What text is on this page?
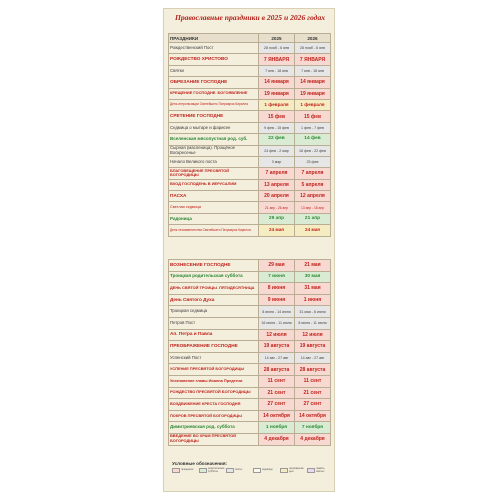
Православные праздники в 2025 и 2026 годах
ПРАЗДНИКИ	2025	2026
Рождественский Пост	28 нояб - 6 янв	28 нояб - 6 янв
РОЖДЕСТВО ХРИСТОВО	7 ЯНВАРЯ	7 ЯНВАРЯ
Святки	7 янв - 18 янв	7 янв - 18 янв
ОБРЕЗАНИЕ ГОСПОДНЕ	14 января	14 января
КРЕЩЕНИЕ ГОСПОДНЕ. БОГОЯВЛЕНИЕ	19 января	19 января
День интронизации Святейшего Патриарха Кирилла	1 февраля	1 февраля
СРЕТЕНИЕ ГОСПОДНЕ	15 фев	15 фев
Седмица о мытаре и фарисее	9 фев - 15 фев	1 фев - 7 фев
Вселенская мясопустная род. суб.	22 фев	14 фев
Сырная (масленица). Прощёное Воскресенье	24 фев - 2 мар	16 фев - 22 фев
Начало Великого поста	3 мар	23 фев
БЛАГОВЕЩЕНИЕ ПРЕСВЯТОЙ БОГОРОДИЦЫ	7 апреля	7 апреля
ВХОД ГОСПОДЕНЬ В ИЕРУСАЛИМ	13 апреля	5 апреля
ПАСХА	20 апреля	12 апреля
Светлая седмица	21 апр - 26 апр	13 апр - 18 апр
Радоница	29 апр	21 апр
День тезоименитства Святейшего Патриарха Кирилла	24 мая	24 мая
ВОЗНЕСЕНИЕ ГОСПОДНЕ	29 мая	21 мая
Троицкая родительская суббота	7 июня	30 мая
ДЕНЬ СВЯТОЙ ТРОИЦЫ. ПЯТИДЕСЯТНИЦА	8 июня	31 мая
День Святого Духа	9 июня	1 июня
Троицкая седмица	8 июня - 14 июня	31 мая - 6 июня
Петров Пост	16 июня - 11 июля	8 июня - 11 июля
Ап. Петра и Павла	12 июля	12 июля
ПРЕОБРАЖЕНИЕ ГОСПОДНЕ	19 августа	19 августа
Успенский Пост	14 авг - 27 авг	14 авг - 27 авг
УСПЕНИЕ ПРЕСВЯТОЙ БОГОРОДИЦЫ	28 августа	28 августа
Усекновение главы Иоанна Предтечи	11 сент	11 сент
РОЖДЕСТВО ПРЕСВЯТОЙ БОГОРОДИЦЫ	21 сент	21 сент
ВОЗДВИЖЕНИЕ КРЕСТА ГОСПОДНЯ	27 сент	27 сент
ПОКРОВ ПРЕСВЯТОЙ БОГОРОДИЦЫ	14 октября	14 октября
Димитриевская род. суббота	1 ноября	7 ноября
ВВЕДЕНИЕ ВО ХРАМ ПРЕСВЯТОЙ БОГОРОДИЦЫ	4 декабря	4 декабря
Условные обозначения:
праздники	родительские субботы	посты	седмицы	патриаршие дни
память святых
